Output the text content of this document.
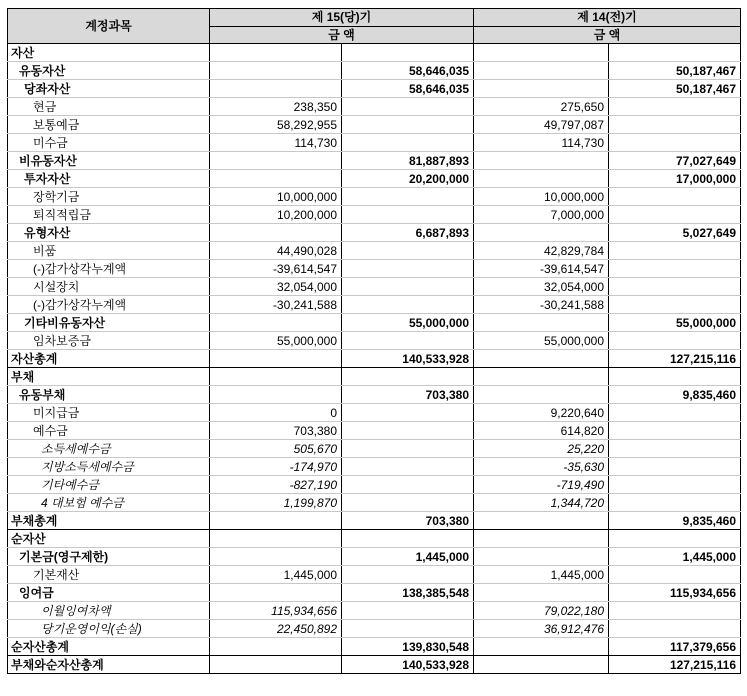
계정과목	제 15(당)기		제 14(전)기	
	금 액		금 액	
자산				
유동자산		58,646,035		50,187,467
당좌자산		58,646,035		50,187,467
현금	238,350		275,650	
보통예금	58,292,955		49,797,087	
미수금	114,730		114,730	
비유동자산		81,887,893		77,027,649
투자자산		20,200,000		17,000,000
장학기금	10,000,000		10,000,000	
퇴직적립금	10,200,000		7,000,000	
유형자산		6,687,893		5,027,649
비품	44,490,028		42,829,784	
(-)감가상각누계액	-39,614,547		-39,614,547	
시설장치	32,054,000		32,054,000	
(-)감가상각누계액	-30,241,588		-30,241,588	
기타비유동자산		55,000,000		55,000,000
임차보증금	55,000,000		55,000,000	
자산총계		140,533,928		127,215,116
부채				
유동부채		703,380		9,835,460
미지급금	0		9,220,640	
예수금	703,380		614,820	
소득세예수금	505,670		25,220	
지방소득세예수금	-174,970		-35,630	
기타예수금	-827,190		-719,490	
4 대보험 예수금	1,199,870		1,344,720	
부채총계		703,380		9,835,460
순자산				
기본금(영구제한)		1,445,000		1,445,000
기본재산	1,445,000		1,445,000	
잉여금		138,385,548		115,934,656
이월잉여차액	115,934,656		79,022,180	
당기운영이익(손실)	22,450,892		36,912,476	
순자산총계		139,830,548		117,379,656
부채와순자산총계		140,533,928		127,215,116
